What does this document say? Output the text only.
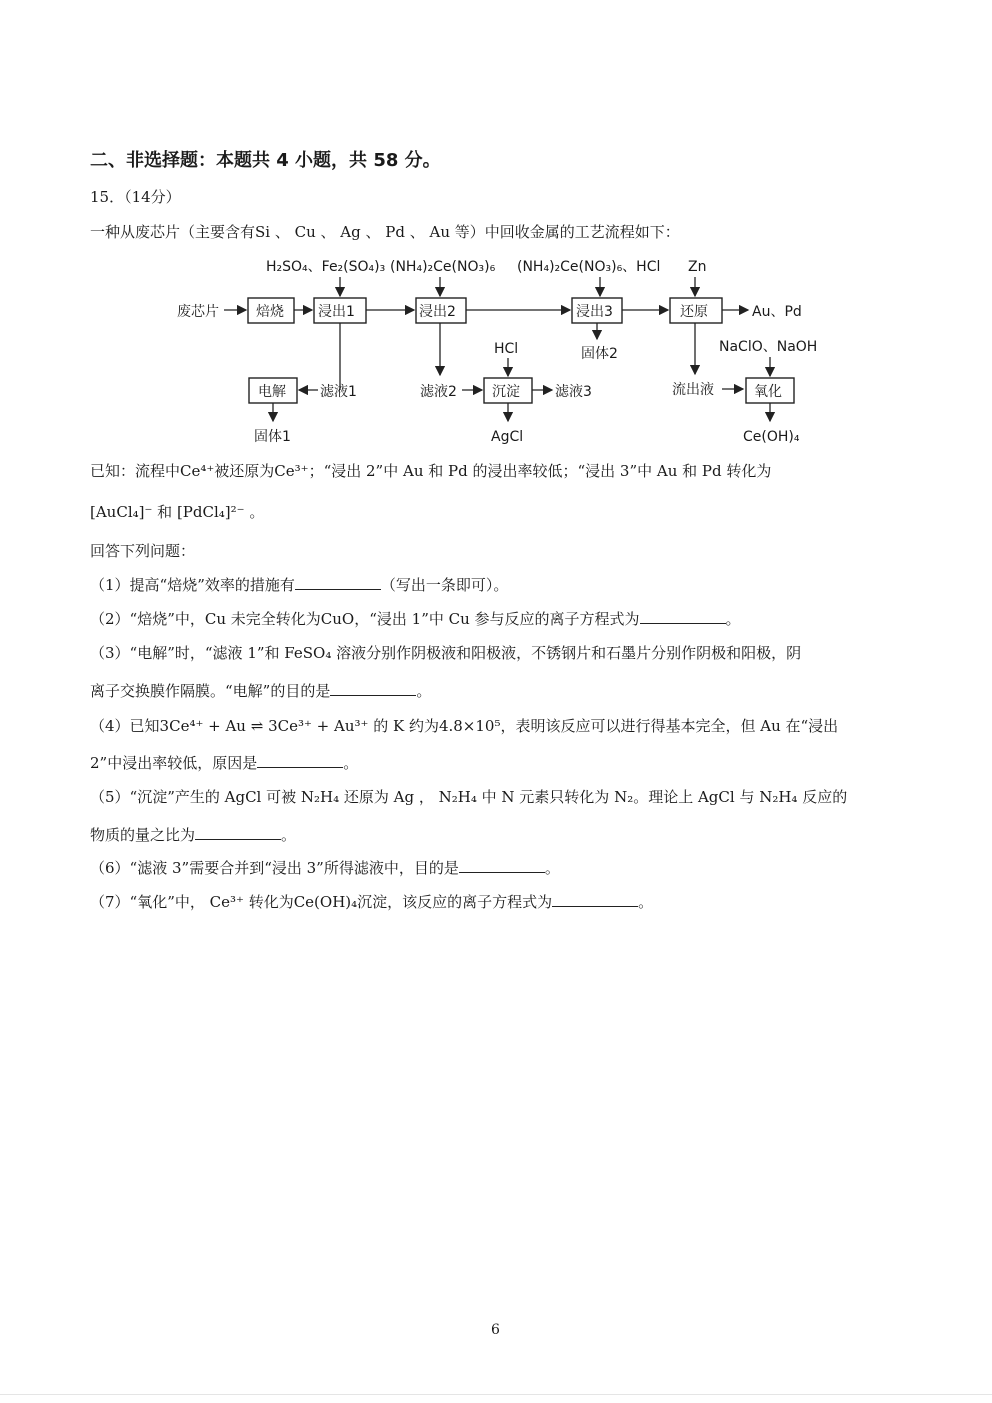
二、非选择题：本题共 4 小题，共 58 分。
15．（14分）
一种从废芯片（主要含有Si 、 Cu 、 Ag 、 Pd 、 Au 等）中回收金属的工艺流程如下：
H₂SO₄、Fe₂(SO₄)₃ (NH₄)₂Ce(NO₃)₆ (NH₄)₂Ce(NO₃)₆、HCl Zn
废芯片	焙烧 浸出1	浸出2	浸出3	还原	Au、Pd
固体2
HCl	NaClO、NaOH
电解 滤液1
固体1
滤液2	沉淀	滤液3
AgCl
流出液	氧化
Ce(OH)₄
已知：流程中Ce⁴⁺被还原为Ce³⁺；“浸出 2”中 Au 和 Pd 的浸出率较低；“浸出 3”中 Au 和 Pd 转化为
[AuCl₄]⁻ 和 [PdCl₄]²⁻ 。
回答下列问题：
（1）提高“焙烧”效率的措施有	（写出一条即可）。
（2）“焙烧”中，Cu 未完全转化为CuO，“浸出 1”中 Cu 参与反应的离子方程式为	。
（3）“电解”时，“滤液 1”和 FeSO₄ 溶液分别作阴极液和阳极液，不锈钢片和石墨片分别作阴极和阳极，阴
离子交换膜作隔膜。“电解”的目的是	。
（4）已知3Ce⁴⁺ + Au ⇌ 3Ce³⁺ + Au³⁺ 的 K 约为4.8×10⁵，表明该反应可以进行得基本完全，但 Au 在“浸出
2”中浸出率较低，原因是	。
（5）“沉淀”产生的 AgCl 可被 N₂H₄ 还原为 Ag ， N₂H₄ 中 N 元素只转化为 N₂。理论上 AgCl 与 N₂H₄ 反应的
物质的量之比为	。
（6）“滤液 3”需要合并到“浸出 3”所得滤液中，目的是	。
（7）“氧化”中， Ce³⁺ 转化为Ce(OH)₄沉淀，该反应的离子方程式为	。
6
